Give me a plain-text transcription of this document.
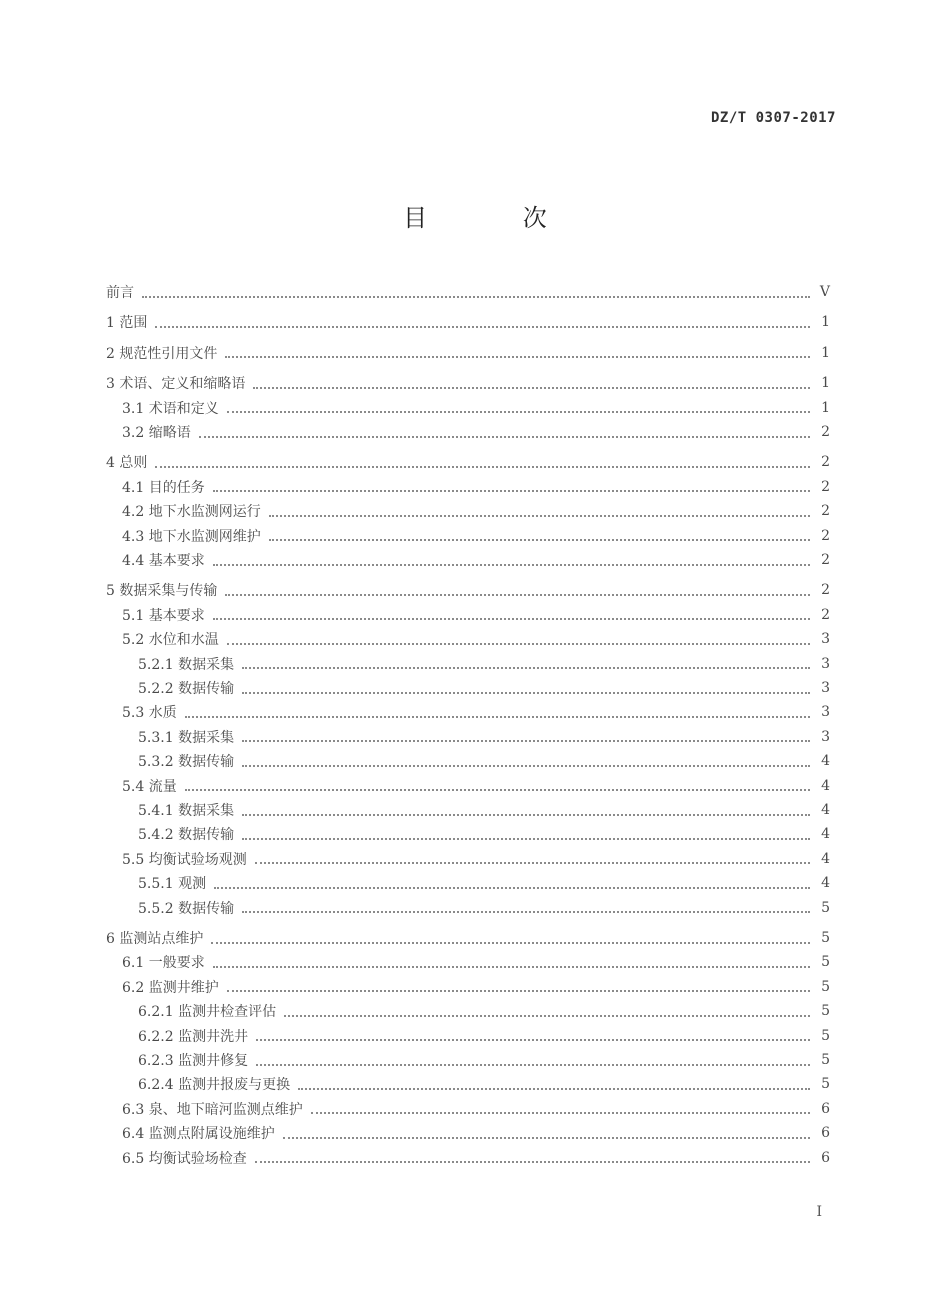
DZ/T 0307-2017
目 次
前言	V
1 范围	1
2 规范性引用文件	1
3 术语、定义和缩略语	1
3.1 术语和定义	1
3.2 缩略语	2
4 总则	2
4.1 目的任务	2
4.2 地下水监测网运行	2
4.3 地下水监测网维护	2
4.4 基本要求	2
5 数据采集与传输	2
5.1 基本要求	2
5.2 水位和水温	3
5.2.1 数据采集	3
5.2.2 数据传输	3
5.3 水质	3
5.3.1 数据采集	3
5.3.2 数据传输	4
5.4 流量	4
5.4.1 数据采集	4
5.4.2 数据传输	4
5.5 均衡试验场观测	4
5.5.1 观测	4
5.5.2 数据传输	5
6 监测站点维护	5
6.1 一般要求	5
6.2 监测井维护	5
6.2.1 监测井检查评估	5
6.2.2 监测井洗井	5
6.2.3 监测井修复	5
6.2.4 监测井报废与更换	5
6.3 泉、地下暗河监测点维护	6
6.4 监测点附属设施维护	6
6.5 均衡试验场检查	6
I
